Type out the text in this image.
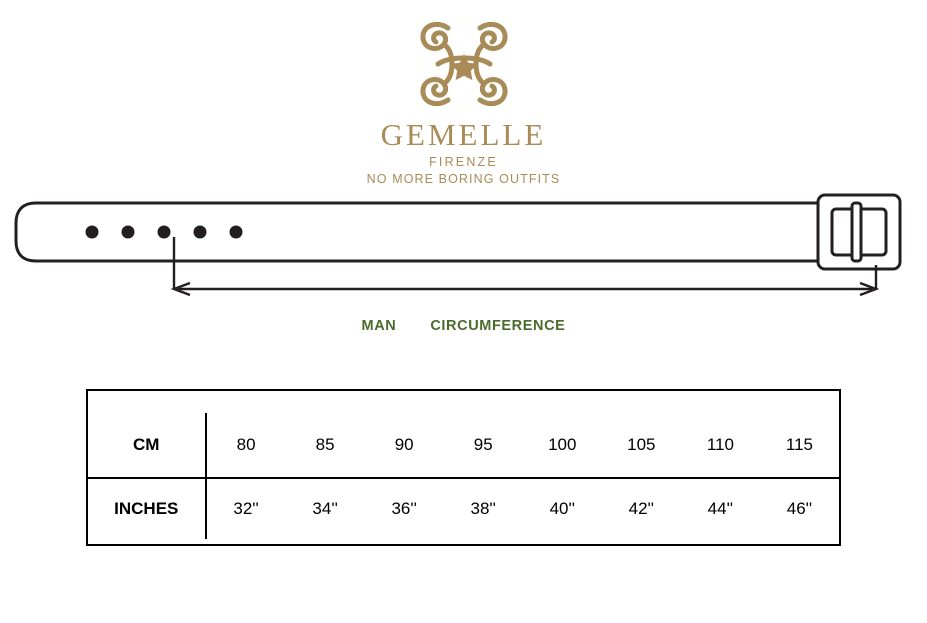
GEMELLE
FIRENZE
NO MORE BORING OUTFITS
MAN CIRCUMFERENCE

CM	80	85	90	95	100	105	110	115
INCHES	32''	34''	36''	38''	40''	42''	44''	46''
